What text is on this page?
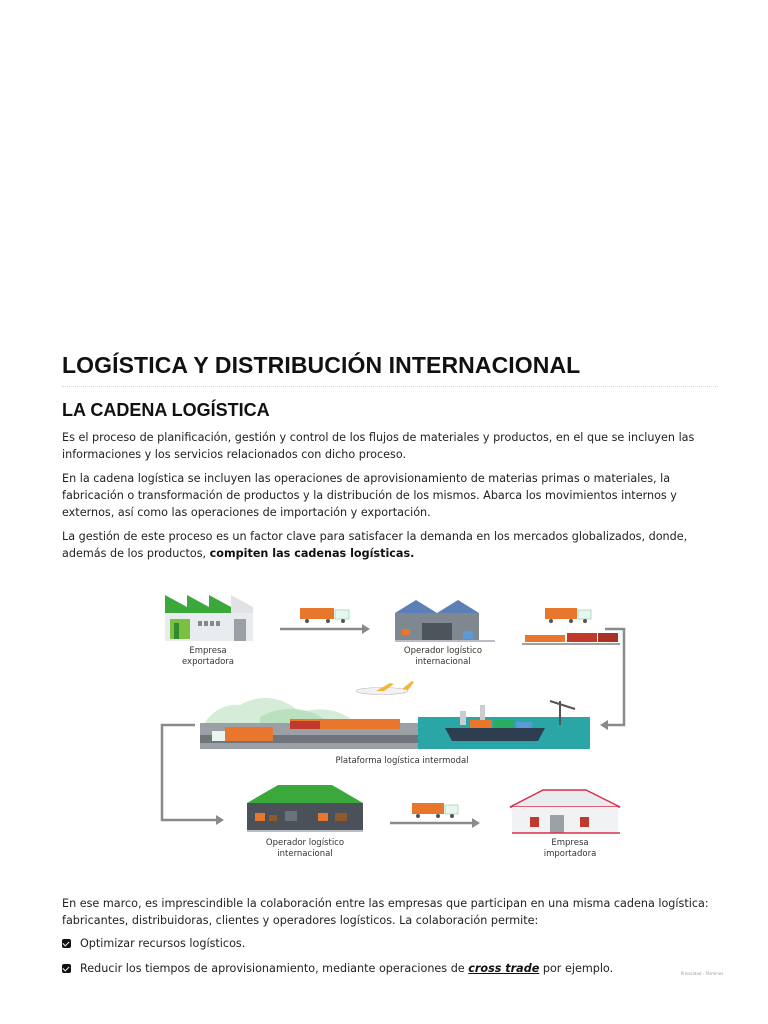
LOGÍSTICA Y DISTRIBUCIÓN INTERNACIONAL
LA CADENA LOGÍSTICA

Es el proceso de planificación, gestión y control de los flujos de materiales y productos, en el que se incluyen las informaciones y los servicios relacionados con dicho proceso.

En la cadena logística se incluyen las operaciones de aprovisionamiento de materias primas o materiales, la fabricación o transformación de productos y la distribución de los mismos. Abarca los movimientos internos y externos, así como las operaciones de importación y exportación.

La gestión de este proceso es un factor clave para satisfacer la demanda en los mercados globalizados, donde, además de los productos, compiten las cadenas logísticas.

Empresa
exportadora
Operador logístico
internacional
Plataforma logística intermodal
Operador logístico
internacional
Empresa
importadora

En ese marco, es imprescindible la colaboración entre las empresas que participan en una misma cadena logística: fabricantes, distribuidoras, clientes y operadores logísticos. La colaboración permite:

Optimizar recursos logísticos.
Reducir los tiempos de aprovisionamiento, mediante operaciones de cross trade por ejemplo.	Privacidad - Términos
